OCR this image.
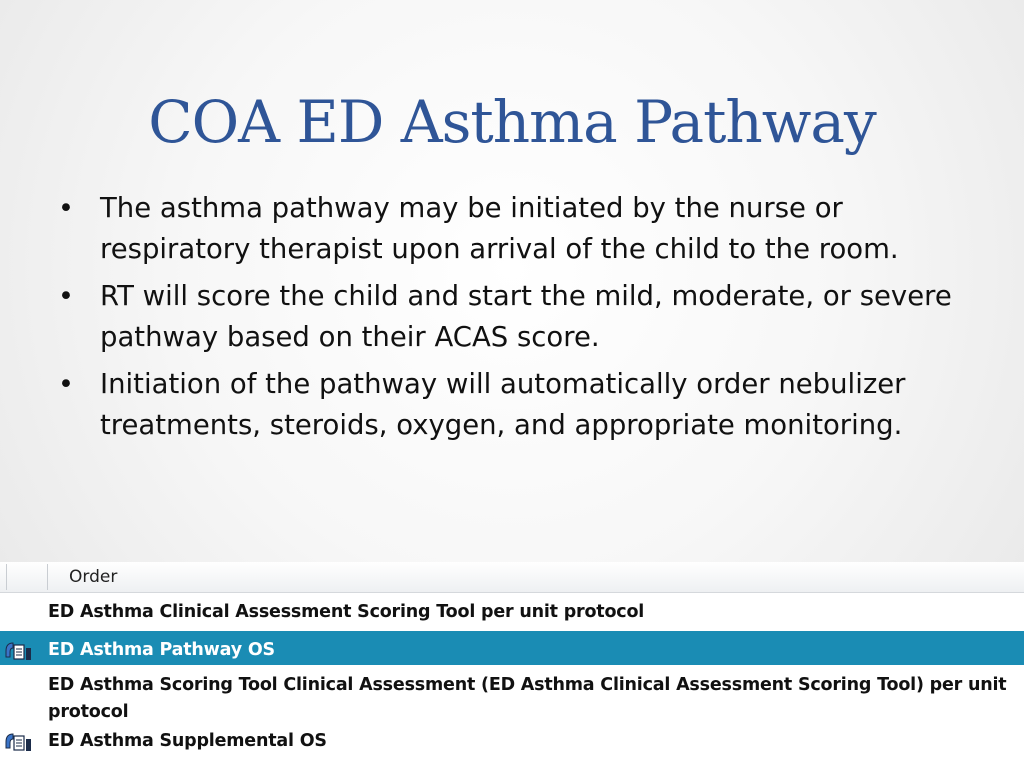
COA ED Asthma Pathway
• The asthma pathway may be initiated by the nurse or respiratory therapist upon arrival of the child to the room.
• RT will score the child and start the mild, moderate, or severe pathway based on their ACAS score.
• Initiation of the pathway will automatically order nebulizer treatments, steroids, oxygen, and appropriate monitoring.
Order
ED Asthma Clinical Assessment Scoring Tool per unit protocol
ED Asthma Pathway OS
ED Asthma Scoring Tool Clinical Assessment (ED Asthma Clinical Assessment Scoring Tool) per unit protocol
ED Asthma Supplemental OS
